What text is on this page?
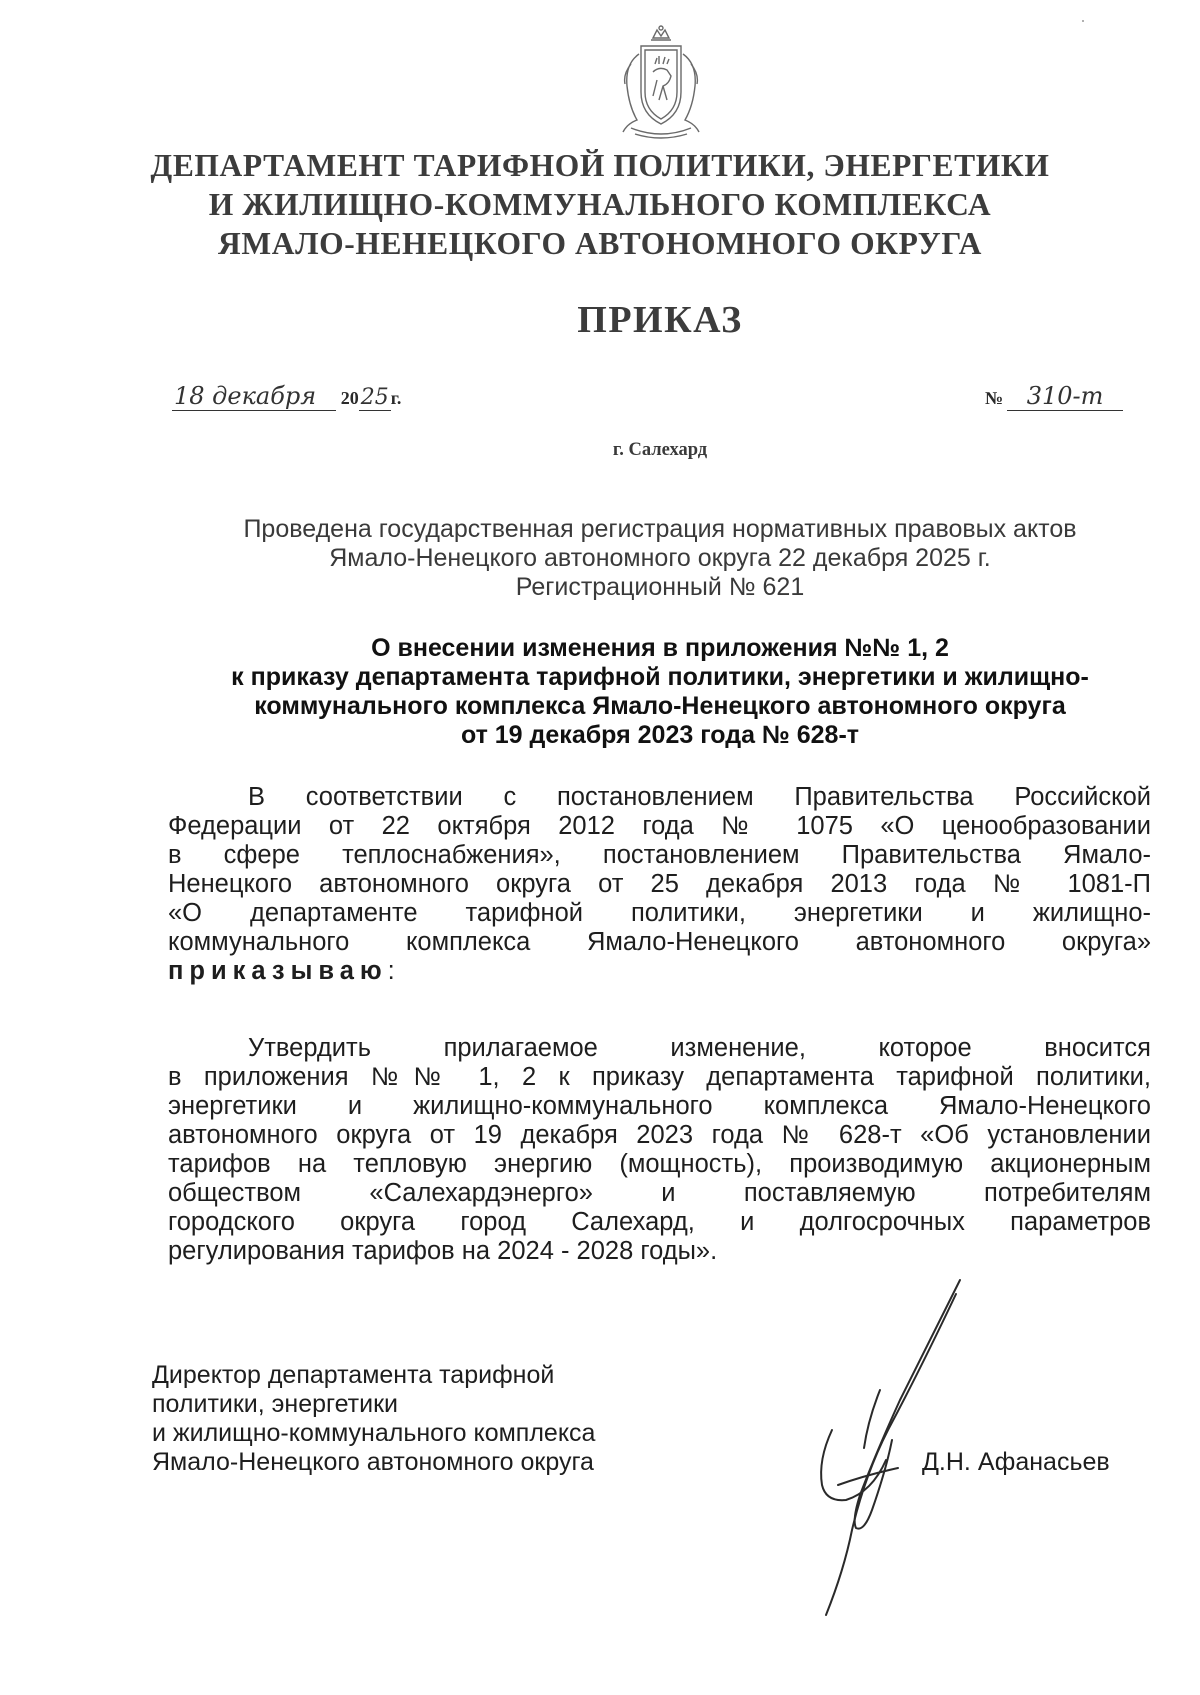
ДЕПАРТАМЕНТ ТАРИФНОЙ ПОЛИТИКИ, ЭНЕРГЕТИКИ
И ЖИЛИЩНО-КОММУНАЛЬНОГО КОМПЛЕКСА
ЯМАЛО-НЕНЕЦКОГО АВТОНОМНОГО ОКРУГА
ПРИКАЗ
18 декабря 2025 г.	№ 310-т
г. Салехард
Проведена государственная регистрация нормативных правовых актов
Ямало-Ненецкого автономного округа 22 декабря 2025 г.
Регистрационный № 621
О внесении изменения в приложения №№ 1, 2
к приказу департамента тарифной политики, энергетики и жилищно-
коммунального комплекса Ямало-Ненецкого автономного округа
от 19 декабря 2023 года № 628-т
В соответствии с постановлением Правительства Российской
Федерации от 22 октября 2012 года № 1075 «О ценообразовании
в сфере теплоснабжения», постановлением Правительства Ямало-
Ненецкого автономного округа от 25 декабря 2013 года № 1081-П
«О департаменте тарифной политики, энергетики и жилищно-
коммунального комплекса Ямало-Ненецкого автономного округа»
приказываю:
Утвердить прилагаемое изменение, которое вносится
в приложения №№ 1, 2 к приказу департамента тарифной политики,
энергетики и жилищно-коммунального комплекса Ямало-Ненецкого
автономного округа от 19 декабря 2023 года № 628-т «Об установлении
тарифов на тепловую энергию (мощность), производимую акционерным
обществом «Салехардэнерго» и поставляемую потребителям
городского округа город Салехард, и долгосрочных параметров
регулирования тарифов на 2024 - 2028 годы».
Директор департамента тарифной
политики, энергетики
и жилищно-коммунального комплекса
Ямало-Ненецкого автономного округа	Д.Н. Афанасьев
